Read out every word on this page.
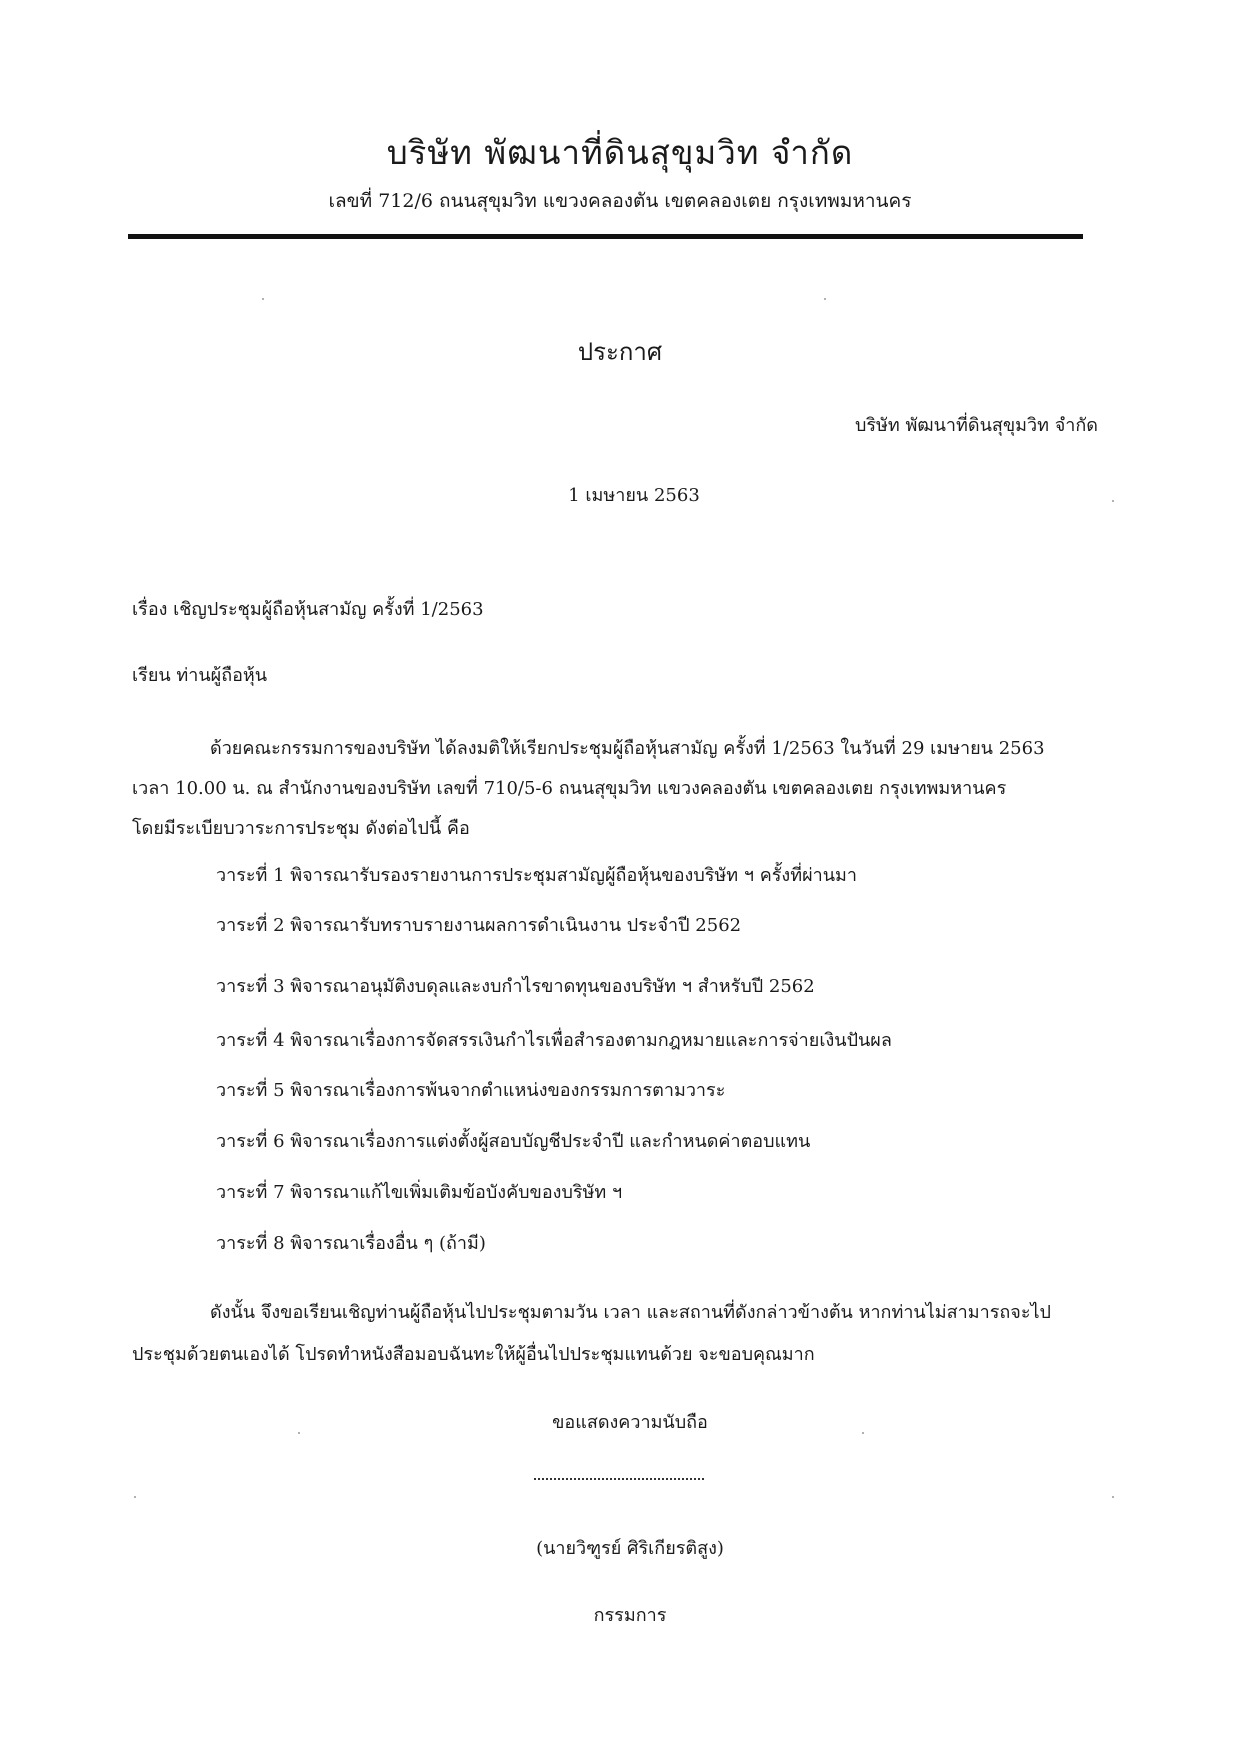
บริษัท พัฒนาที่ดินสุขุมวิท จำกัด
เลขที่ 712/6 ถนนสุขุมวิท แขวงคลองตัน เขตคลองเตย กรุงเทพมหานคร
ประกาศ
บริษัท พัฒนาที่ดินสุขุมวิท จำกัด
1 เมษายน 2563
เรื่อง เชิญประชุมผู้ถือหุ้นสามัญ ครั้งที่ 1/2563
เรียน ท่านผู้ถือหุ้น
ด้วยคณะกรรมการของบริษัท ได้ลงมติให้เรียกประชุมผู้ถือหุ้นสามัญ ครั้งที่ 1/2563 ในวันที่ 29 เมษายน 2563
เวลา 10.00 น. ณ สำนักงานของบริษัท เลขที่ 710/5-6 ถนนสุขุมวิท แขวงคลองตัน เขตคลองเตย กรุงเทพมหานคร
โดยมีระเบียบวาระการประชุม ดังต่อไปนี้ คือ
วาระที่ 1 พิจารณารับรองรายงานการประชุมสามัญผู้ถือหุ้นของบริษัท ฯ ครั้งที่ผ่านมา
วาระที่ 2 พิจารณารับทราบรายงานผลการดำเนินงาน ประจำปี 2562
วาระที่ 3 พิจารณาอนุมัติงบดุลและงบกำไรขาดทุนของบริษัท ฯ สำหรับปี 2562
วาระที่ 4 พิจารณาเรื่องการจัดสรรเงินกำไรเพื่อสำรองตามกฎหมายและการจ่ายเงินปันผล
วาระที่ 5 พิจารณาเรื่องการพ้นจากตำแหน่งของกรรมการตามวาระ
วาระที่ 6 พิจารณาเรื่องการแต่งตั้งผู้สอบบัญชีประจำปี และกำหนดค่าตอบแทน
วาระที่ 7 พิจารณาแก้ไขเพิ่มเติมข้อบังคับของบริษัท ฯ
วาระที่ 8 พิจารณาเรื่องอื่น ๆ (ถ้ามี)
ดังนั้น จึงขอเรียนเชิญท่านผู้ถือหุ้นไปประชุมตามวัน เวลา และสถานที่ดังกล่าวข้างต้น หากท่านไม่สามารถจะไป
ประชุมด้วยตนเองได้ โปรดทำหนังสือมอบฉันทะให้ผู้อื่นไปประชุมแทนด้วย จะขอบคุณมาก
ขอแสดงความนับถือ
(นายวิฑูรย์ ศิริเกียรติสูง)
กรรมการ
